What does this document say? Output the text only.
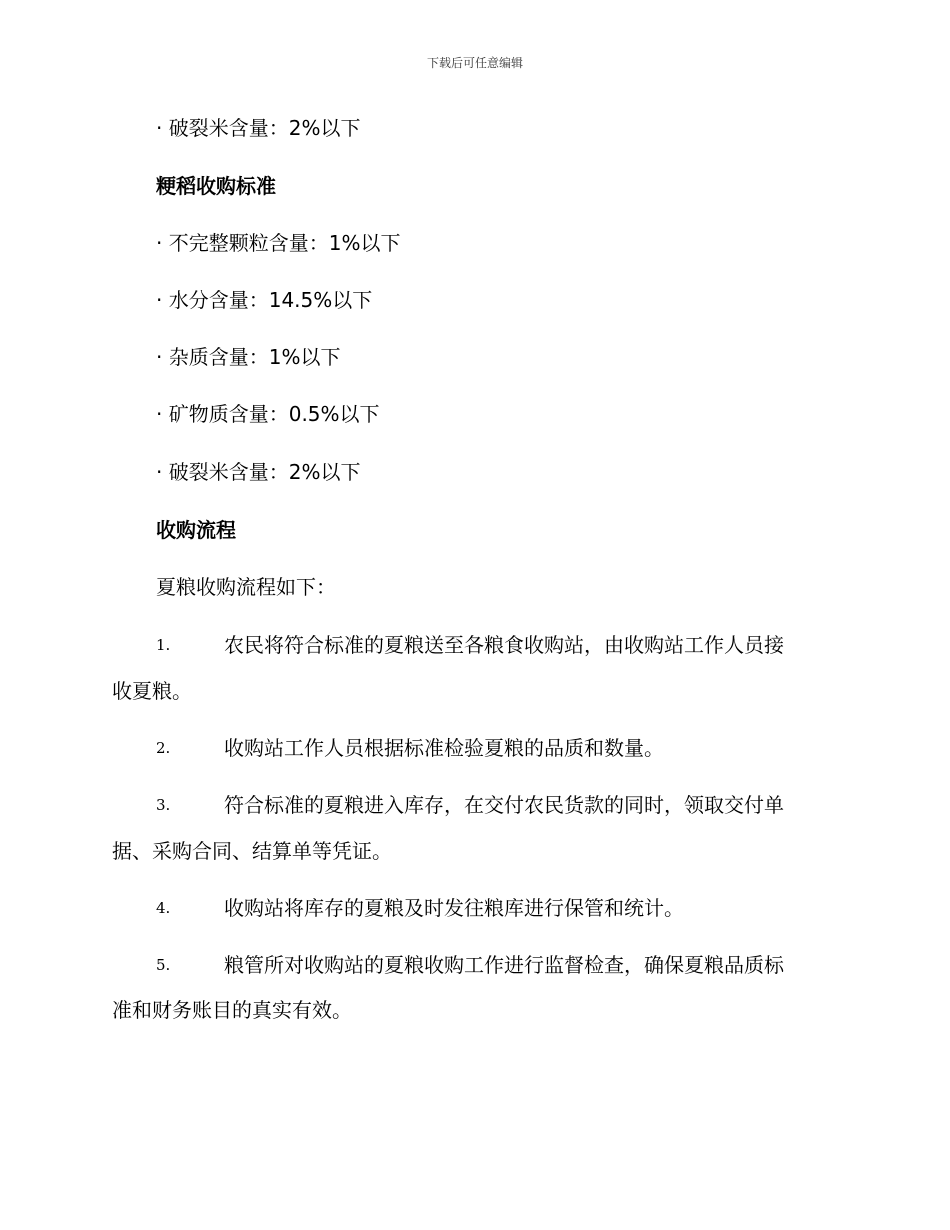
下载后可任意编辑
· 破裂米含量：2%以下
粳稻收购标准
· 不完整颗粒含量：1%以下
· 水分含量：14.5%以下
· 杂质含量：1%以下
· 矿物质含量：0.5%以下
· 破裂米含量：2%以下
收购流程
夏粮收购流程如下：
1.	农民将符合标准的夏粮送至各粮食收购站，由收购站工作人员接
收夏粮。
2.	收购站工作人员根据标准检验夏粮的品质和数量。
3.	符合标准的夏粮进入库存，在交付农民货款的同时，领取交付单
据、采购合同、结算单等凭证。
4.	收购站将库存的夏粮及时发往粮库进行保管和统计。
5.	粮管所对收购站的夏粮收购工作进行监督检查，确保夏粮品质标
准和财务账目的真实有效。
